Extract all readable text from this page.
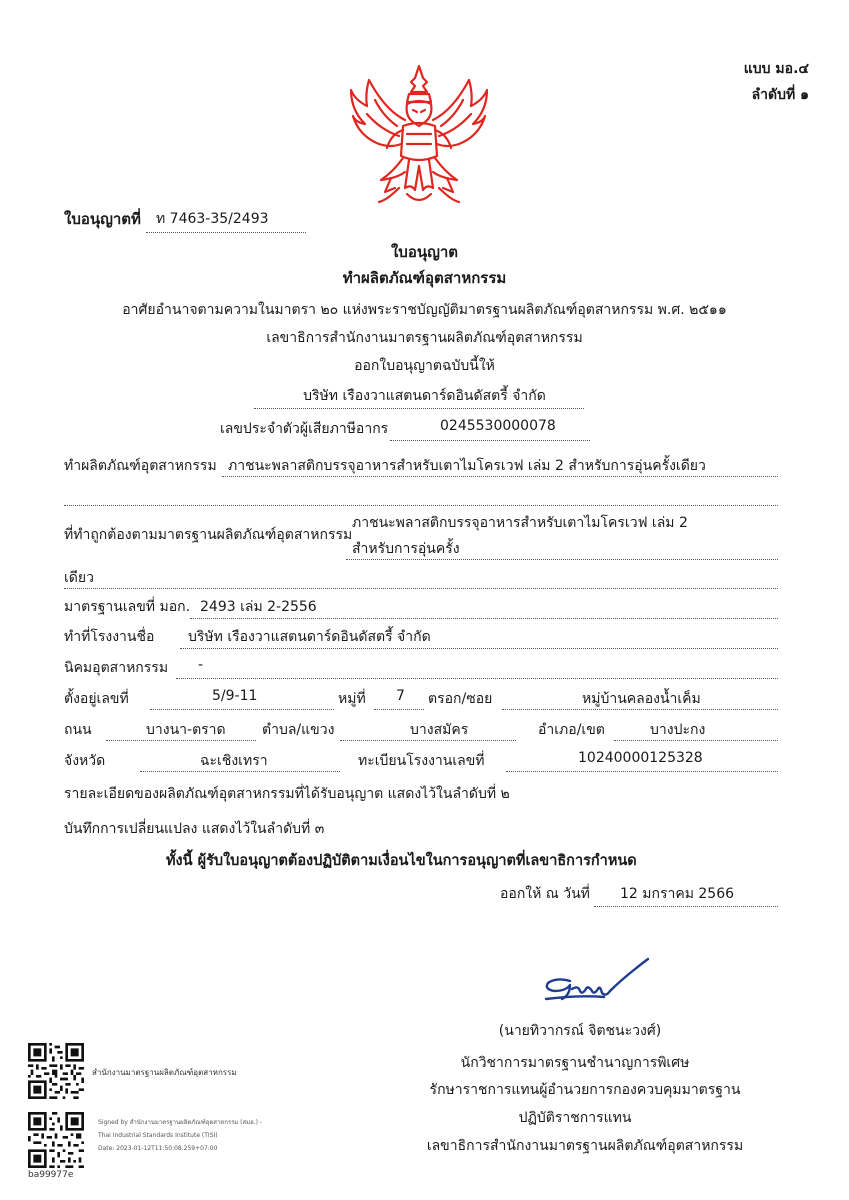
แบบ มอ.๔
ลำดับที่ ๑
ใบอนุญาตที่ ท 7463-35/2493
ใบอนุญาต
ทำผลิตภัณฑ์อุตสาหกรรม
อาศัยอำนาจตามความในมาตรา ๒๐ แห่งพระราชบัญญัติมาตรฐานผลิตภัณฑ์อุตสาหกรรม พ.ศ. ๒๕๑๑
เลขาธิการสำนักงานมาตรฐานผลิตภัณฑ์อุตสาหกรรม
ออกใบอนุญาตฉบับนี้ให้
บริษัท เรืองวาแสตนดาร์ดอินดัสตรี้ จำกัด
เลขประจำตัวผู้เสียภาษีอากร	0245530000078
ทำผลิตภัณฑ์อุตสาหกรรม ภาชนะพลาสติกบรรจุอาหารสำหรับเตาไมโครเวฟ เล่ม 2 สำหรับการอุ่นครั้งเดียว
ที่ทำถูกต้องตามมาตรฐานผลิตภัณฑ์อุตสาหกรรม
ภาชนะพลาสติกบรรจุอาหารสำหรับเตาไมโครเวฟ เล่ม 2
สำหรับการอุ่นครั้ง
เดียว
มาตรฐานเลขที่ มอก. 2493 เล่ม 2-2556
ทำที่โรงงานชื่อ บริษัท เรืองวาแสตนดาร์ดอินดัสตรี้ จำกัด
นิคมอุตสาหกรรม -
ตั้งอยู่เลขที่	5/9-11	หมู่ที่ 7 ตรอก/ซอย	หมู่บ้านคลองน้ำเค็ม
ถนน	บางนา-ตราด	ตำบล/แขวง	บางสมัคร	อำเภอ/เขต	บางปะกง
จังหวัด	ฉะเชิงเทรา	ทะเบียนโรงงานเลขที่	10240000125328
รายละเอียดของผลิตภัณฑ์อุตสาหกรรมที่ได้รับอนุญาต แสดงไว้ในลำดับที่ ๒
บันทึกการเปลี่ยนแปลง แสดงไว้ในลำดับที่ ๓
ทั้งนี้ ผู้รับใบอนุญาตต้องปฏิบัติตามเงื่อนไขในการอนุญาตที่เลขาธิการกำหนด
ออกให้ ณ วันที่ 12 มกราคม 2566
(นายทิวากรณ์ จิตชนะวงศ์)
นักวิชาการมาตรฐานชำนาญการพิเศษ
รักษาราชการแทนผู้อำนวยการกองควบคุมมาตรฐาน
ปฏิบัติราชการแทน
เลขาธิการสำนักงานมาตรฐานผลิตภัณฑ์อุตสาหกรรม
สำนักงานมาตรฐานผลิตภัณฑ์อุตสาหกรรม
ba99977e
Signed by สำนักงานมาตรฐานผลิตภัณฑ์อุตสาหกรรม (สมอ.) -
Thai Industrial Standards Institute (TISI)
Date: 2023-01-12T11:50:08.259+07:00
